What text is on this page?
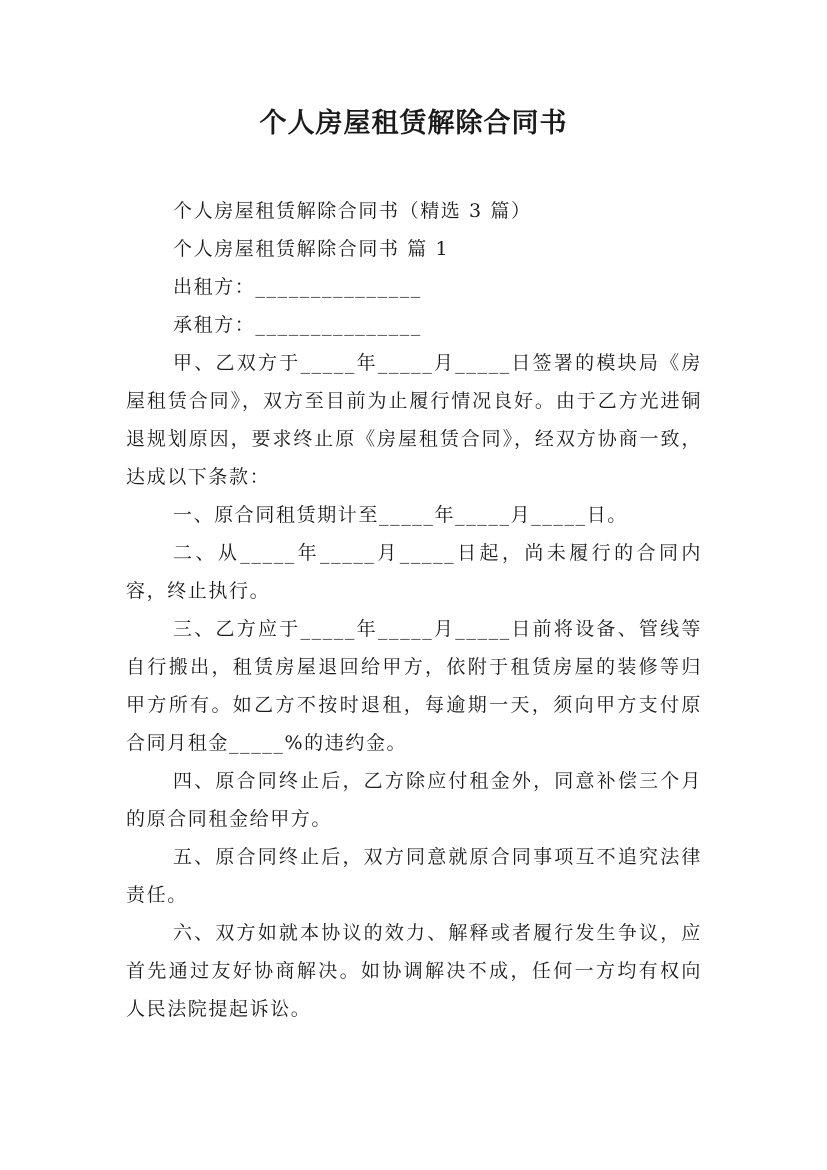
个人房屋租赁解除合同书

个人房屋租赁解除合同书（精选 3 篇）

个人房屋租赁解除合同书 篇 1

出租方：_______________

承租方：_______________

甲、乙双方于_____年_____月_____日签署的模块局《房屋租赁合同》，双方至目前为止履行情况良好。由于乙方光进铜退规划原因，要求终止原《房屋租赁合同》，经双方协商一致，达成以下条款：

一、原合同租赁期计至_____年_____月_____日。

二、从_____年_____月_____日起，尚未履行的合同内容，终止执行。

三、乙方应于_____年_____月_____日前将设备、管线等自行搬出，租赁房屋退回给甲方，依附于租赁房屋的装修等归甲方所有。如乙方不按时退租，每逾期一天，须向甲方支付原合同月租金_____%的违约金。

四、原合同终止后，乙方除应付租金外，同意补偿三个月的原合同租金给甲方。

五、原合同终止后，双方同意就原合同事项互不追究法律责任。

六、双方如就本协议的效力、解释或者履行发生争议，应首先通过友好协商解决。如协调解决不成，任何一方均有权向人民法院提起诉讼。
